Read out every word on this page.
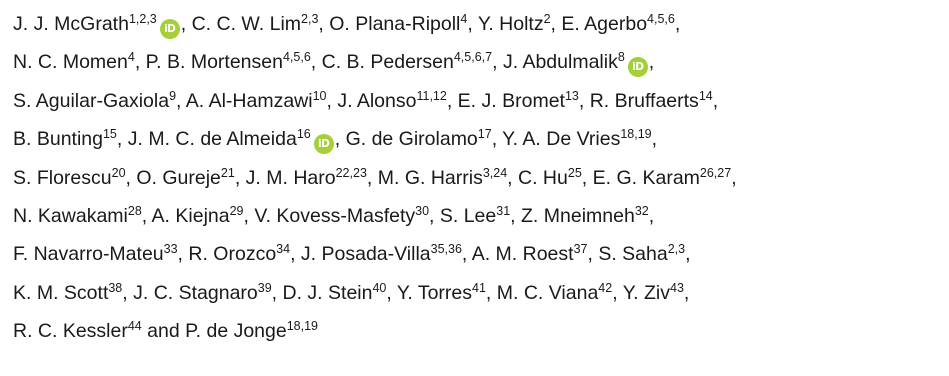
J. J. McGrath$^{1,2,3}$iD , C. C. W. Lim$^{2,3}$, O. Plana-Ripoll$^4$, Y. Holtz$^2$, E. Agerbo$^{4,5,6}$,
N. C. Momen$^4$, P. B. Mortensen$^{4,5,6}$, C. B. Pedersen$^{4,5,6,7}$, J. Abdulmalik$^8$iD ,
S. Aguilar-Gaxiola$^9$, A. Al-Hamzawi$^{10}$, J. Alonso$^{11,12}$, E. J. Bromet$^{13}$, R. Bruffaerts$^{14}$,
B. Bunting$^{15}$, J. M. C. de Almeida$^{16}$iD , G. de Girolamo$^{17}$, Y. A. De Vries$^{18,19}$,
S. Florescu$^{20}$, O. Gureje$^{21}$, J. M. Haro$^{22,23}$, M. G. Harris$^{3,24}$, C. Hu$^{25}$, E. G. Karam$^{26,27}$,
N. Kawakami$^{28}$, A. Kiejna$^{29}$, V. Kovess-Masfety$^{30}$, S. Lee$^{31}$, Z. Mneimneh$^{32}$,
F. Navarro-Mateu$^{33}$, R. Orozco$^{34}$, J. Posada-Villa$^{35,36}$, A. M. Roest$^{37}$, S. Saha$^{2,3}$,
K. M. Scott$^{38}$, J. C. Stagnaro$^{39}$, D. J. Stein$^{40}$, Y. Torres$^{41}$, M. C. Viana$^{42}$, Y. Ziv$^{43}$,
R. C. Kessler$^{44}$ and P. de Jonge$^{18,19}$
